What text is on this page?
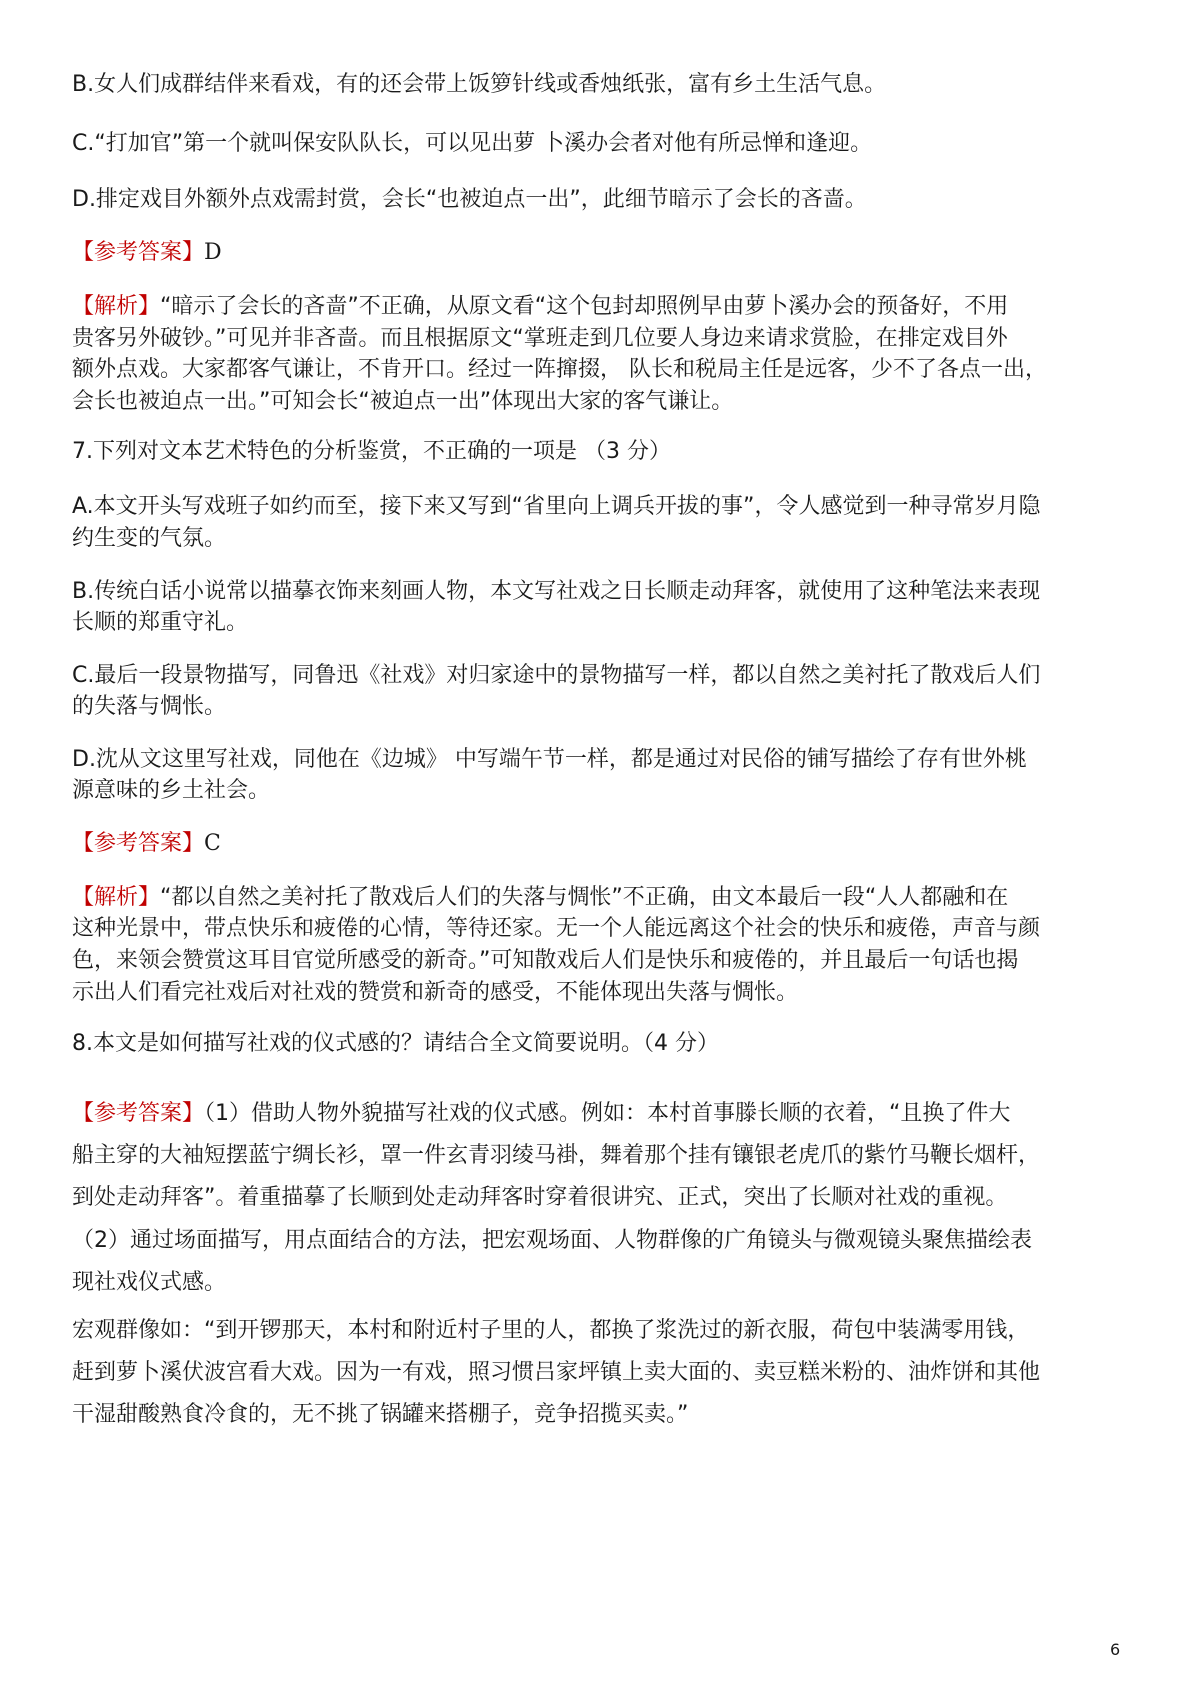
B.女人们成群结伴来看戏，有的还会带上饭箩针线或香烛纸张，富有乡土生活气息。
C.“打加官”第一个就叫保安队队长，可以见出萝 卜溪办会者对他有所忌惮和逢迎。
D.排定戏目外额外点戏需封赏，会长“也被迫点一出”，此细节暗示了会长的吝啬。
【参考答案】D
【解析】“暗示了会长的吝啬”不正确，从原文看“这个包封却照例早由萝卜溪办会的预备好，不用
贵客另外破钞。”可见并非吝啬。而且根据原文“掌班走到几位要人身边来请求赏脸，在排定戏目外
额外点戏。大家都客气谦让，不肯开口。经过一阵撺掇， 队长和税局主任是远客，少不了各点一出，
会长也被迫点一出。”可知会长“被迫点一出”体现出大家的客气谦让。
7.下列对文本艺术特色的分析鉴赏，不正确的一项是 （3 分）
A.本文开头写戏班子如约而至，接下来又写到“省里向上调兵开拔的事”，令人感觉到一种寻常岁月隐
约生变的气氛。
B.传统白话小说常以描摹衣饰来刻画人物，本文写社戏之日长顺走动拜客，就使用了这种笔法来表现
长顺的郑重守礼。
C.最后一段景物描写，同鲁迅《社戏》对归家途中的景物描写一样，都以自然之美衬托了散戏后人们
的失落与惆怅。
D.沈从文这里写社戏，同他在《边城》 中写端午节一样，都是通过对民俗的铺写描绘了存有世外桃
源意味的乡土社会。
【参考答案】C
【解析】“都以自然之美衬托了散戏后人们的失落与惆怅”不正确，由文本最后一段“人人都融和在
这种光景中，带点快乐和疲倦的心情，等待还家。无一个人能远离这个社会的快乐和疲倦，声音与颜
色，来领会赞赏这耳目官觉所感受的新奇。”可知散戏后人们是快乐和疲倦的，并且最后一句话也揭
示出人们看完社戏后对社戏的赞赏和新奇的感受，不能体现出失落与惆怅。
8.本文是如何描写社戏的仪式感的？请结合全文简要说明。（4 分）
【参考答案】（1）借助人物外貌描写社戏的仪式感。例如：本村首事滕长顺的衣着，“且换了件大
船主穿的大袖短摆蓝宁绸长衫，罩一件玄青羽绫马褂，舞着那个挂有镶银老虎爪的紫竹马鞭长烟杆，
到处走动拜客”。着重描摹了长顺到处走动拜客时穿着很讲究、正式，突出了长顺对社戏的重视。
（2）通过场面描写，用点面结合的方法，把宏观场面、人物群像的广角镜头与微观镜头聚焦描绘表
现社戏仪式感。
宏观群像如：“到开锣那天，本村和附近村子里的人，都换了浆洗过的新衣服，荷包中装满零用钱，
赶到萝卜溪伏波宫看大戏。因为一有戏，照习惯吕家坪镇上卖大面的、卖豆糕米粉的、油炸饼和其他
干湿甜酸熟食冷食的，无不挑了锅罐来搭棚子，竞争招揽买卖。”
6
